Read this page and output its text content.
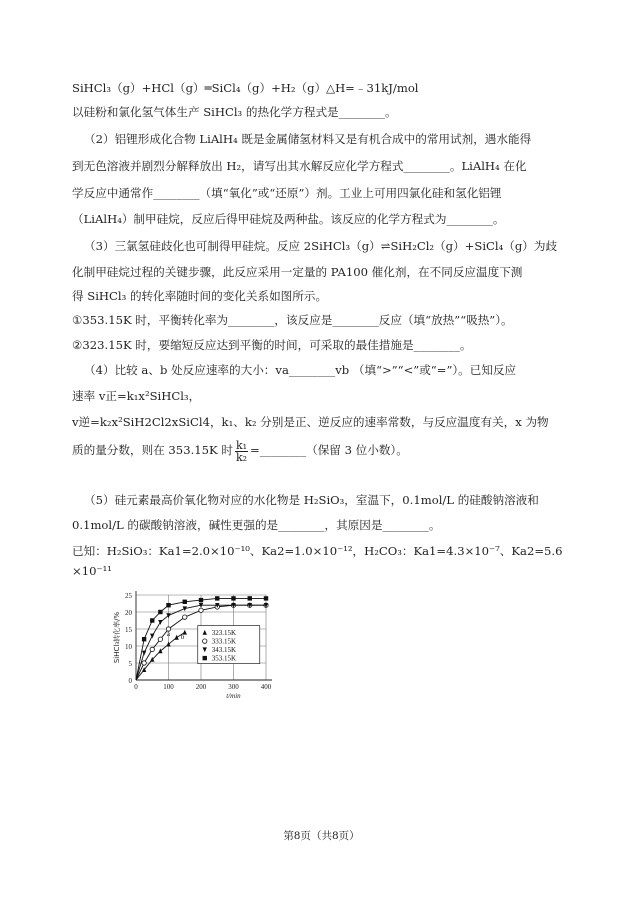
SiHCl₃（g）+HCl（g）═SiCl₄（g）+H₂（g）△H=﹣31kJ/mol
以硅粉和氯化氢气体生产 SiHCl₃ 的热化学方程式是________。
（2）铝锂形成化合物 LiAlH₄ 既是金属储氢材料又是有机合成中的常用试剂，遇水能得
到无色溶液并剧烈分解释放出 H₂，请写出其水解反应化学方程式________。LiAlH₄ 在化
学反应中通常作________（填“氧化”或“还原”）剂。工业上可用四氯化硅和氢化铝锂
（LiAlH₄）制甲硅烷，反应后得甲硅烷及两种盐。该反应的化学方程式为________。
（3）三氯氢硅歧化也可制得甲硅烷。反应 2SiHCl₃（g）⇌SiH₂Cl₂（g）+SiCl₄（g）为歧
化制甲硅烷过程的关键步骤，此反应采用一定量的 PA100 催化剂，在不同反应温度下测
得 SiHCl₃ 的转化率随时间的变化关系如图所示。
①353.15K 时，平衡转化率为________，该反应是________反应（填“放热”“吸热”）。
②323.15K 时，要缩短反应达到平衡的时间，可采取的最佳措施是________。
（4）比较 a、b 处反应速率的大小：va________vb （填“>”“<”或“=”）。已知反应
速率 v正=k₁x²SiHCl₃，
v逆=k₂x²SiH2Cl2xSiCl4，k₁、k₂ 分别是正、逆反应的速率常数，与反应温度有关，x 为物
质的量分数，则在 353.15K 时 $\frac{\text{k₁}}{\text{k₂}}$ =________（保留 3 位小数）。
（5）硅元素最高价氧化物对应的水化物是 H₂SiO₃，室温下，0.1mol/L 的硅酸钠溶液和
0.1mol/L 的碳酸钠溶液，碱性更强的是________，其原因是________。
已知：H₂SiO₃：Ka1=2.0×10⁻¹⁰、Ka2=1.0×10⁻¹²，H₂CO₃：Ka1=4.3×10⁻⁷、Ka2=5.6
×10⁻¹¹
0
5
10
15
20
25
0	100	200	300	400
t/min
SiHCl₃转化率/%	a b
323.15K
333.15K
343.15K
353.15K
第8页（共8页）
